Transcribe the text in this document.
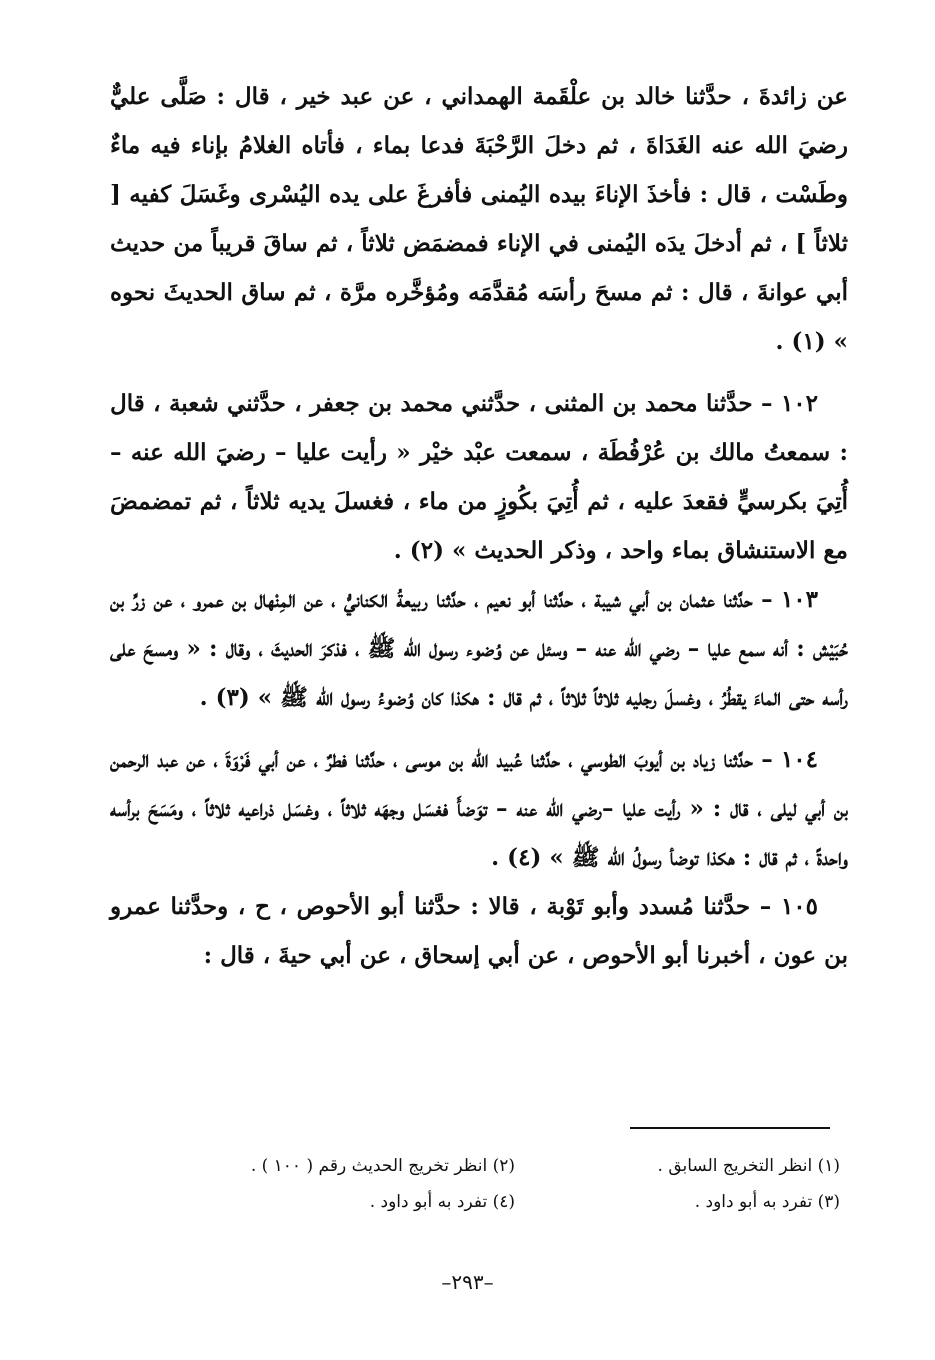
عن زائدةَ ، حدَّثنا خالد بن علْقَمة الهمداني ، عن عبد خير ، قال : صَلَّى عليٌّ رضيَ الله عنه الغَدَاةَ ، ثم دخلَ الرَّحْبَةَ فدعا بماء ، فأتاه الغلامُ بإناء فيه ماءٌ وطَسْت ، قال : فأخذَ الإناءَ بيده اليُمنى فأفرغَ على يده اليُسْرى وغَسَلَ كفيه [ ثلاثاً ] ، ثم أدخلَ يدَه اليُمنى في الإناء فمضمَض ثلاثاً ، ثم ساقَ قريباً من حديث أبي عوانةَ ، قال : ثم مسحَ رأسَه مُقدَّمَه ومُؤخَّره مرَّة ، ثم ساق الحديثَ نحوه » (١) .

١٠٢ – حدَّثنا محمد بن المثنى ، حدَّثني محمد بن جعفر ، حدَّثني شعبة ، قال : سمعتُ مالك بن عُرْفُطَة ، سمعت عبْد خيْر « رأيت عليا – رضيَ الله عنه – أُتِيَ بكرسيٍّ فقعدَ عليه ، ثم أُتِيَ بكُوزٍ من ماء ، فغسلَ يديه ثلاثاً ، ثم تمضمضَ مع الاستنشاق بماء واحد ، وذكر الحديث » (٢) .

١٠٣ – حدَّثنا عثمان بن أبي شيبة ، حدَّثنا أبو نعيم ، حدَّثنا ربيعةُ الكنانيُّ ، عن المِنْهال بن عمرو ، عن زرِّ بن حُبَيْش : أنه سمع عليا – رضي الله عنه – وسئل عن وُضوء رسول الله ﷺ ، فذكرَ الحديثَ ، وقال : « ومسحَ على رأسه حتى الماءَ يقطُرُ ، وغسلَ رجليه ثلاثاً ثلاثاً ، ثم قال : هكذا كان وُضوءُ رسول الله ﷺ » (٣) .

١٠٤ – حدَّثنا زياد بن أيوبَ الطوسي ، حدَّثنا عُبيد الله بن موسى ، حدَّثنا فطرٌ ، عن أبي فَرْوَةَ ، عن عبد الرحمن بن أبي ليلى ، قال : « رأيت عليا –رضي الله عنه – توَضأَ فغسَل وجهَه ثلاثاً ، وغسَل ذراعيه ثلاثاً ، ومَسَحَ برأسه واحدةً ، ثم قال : هكذا توضأ رسولُ الله ﷺ » (٤) .

١٠٥ – حدَّثنا مُسدد وأبو تَوْبة ، قالا : حدَّثنا أبو الأحوص ، ح ، وحدَّثنا عمرو بن عون ، أخبرنا أبو الأحوص ، عن أبي إسحاق ، عن أبي حيةَ ، قال :

(١) انظر التخريج السابق .
(٢) انظر تخريج الحديث رقم ( ١٠٠ ) .
(٣) تفرد به أبو داود .
(٤) تفرد به أبو داود .
–٢٩٣–
